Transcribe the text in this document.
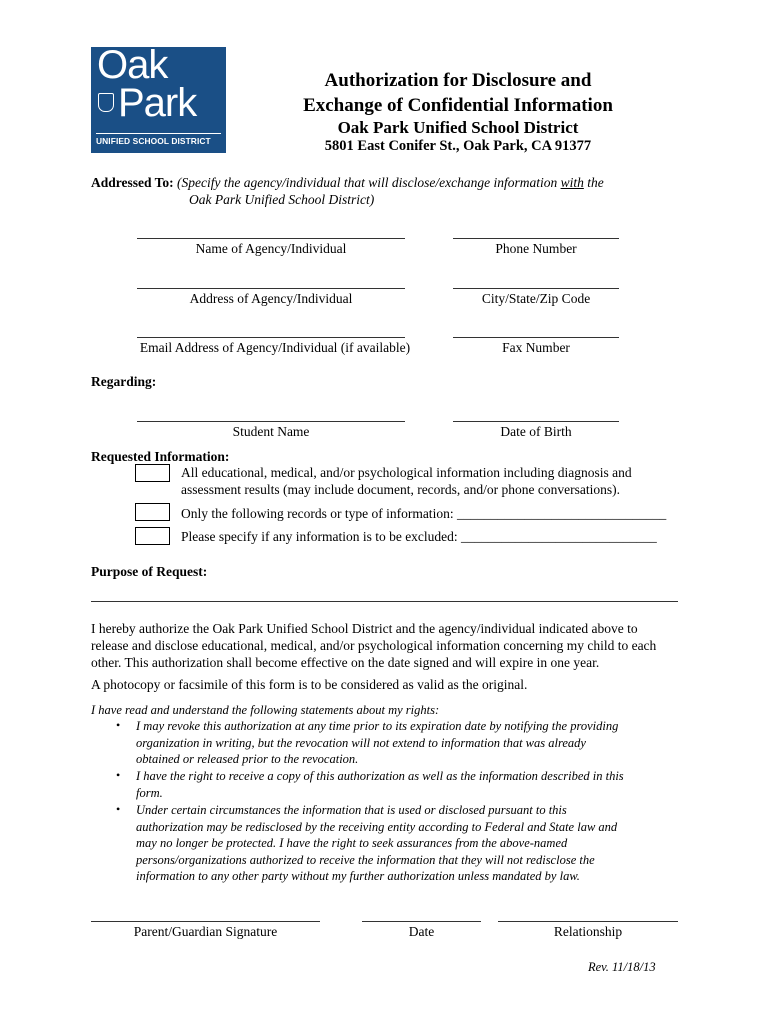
Oak
Park
UNIFIED SCHOOL DISTRICT
Authorization for Disclosure and
Exchange of Confidential Information
Oak Park Unified School District
5801 East Conifer St., Oak Park, CA 91377
Addressed To: (Specify the agency/individual that will disclose/exchange information with the
Oak Park Unified School District)
Name of Agency/Individual	Phone Number
Address of Agency/Individual	City/State/Zip Code
Email Address of Agency/Individual (if available)	Fax Number
Regarding:
Student Name	Date of Birth
Requested Information:
All educational, medical, and/or psychological information including diagnosis and
assessment results (may include document, records, and/or phone conversations).
Only the following records or type of information: _______________________________
Please specify if any information is to be excluded: _____________________________
Purpose of Request:
I hereby authorize the Oak Park Unified School District and the agency/individual indicated above to
release and disclose educational, medical, and/or psychological information concerning my child to each
other. This authorization shall become effective on the date signed and will expire in one year.
A photocopy or facsimile of this form is to be considered as valid as the original.
I have read and understand the following statements about my rights:
• I may revoke this authorization at any time prior to its expiration date by notifying the providing
organization in writing, but the revocation will not extend to information that was already
obtained or released prior to the revocation.
• I have the right to receive a copy of this authorization as well as the information described in this
form.
• Under certain circumstances the information that is used or disclosed pursuant to this
authorization may be redisclosed by the receiving entity according to Federal and State law and
may no longer be protected. I have the right to seek assurances from the above-named
persons/organizations authorized to receive the information that they will not redisclose the
information to any other party without my further authorization unless mandated by law.
Parent/Guardian Signature	Date	Relationship
Rev. 11/18/13
